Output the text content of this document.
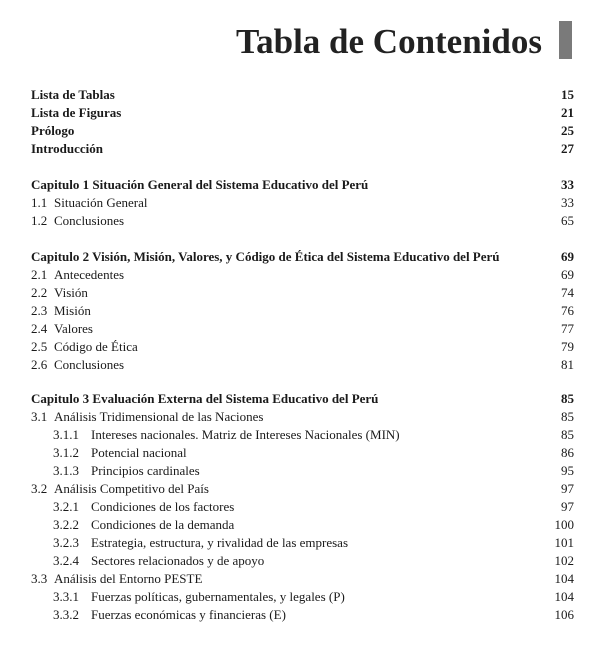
Tabla de Contenidos
Lista de Tablas	15
Lista de Figuras	21
Prólogo	25
Introducción	27
Capitulo 1 Situación General del Sistema Educativo del Perú	33
1.1 Situación General	33
1.2 Conclusiones	65
Capitulo 2 Visión, Misión, Valores, y Código de Ética del Sistema Educativo del Perú	69
2.1 Antecedentes	69
2.2 Visión	74
2.3 Misión	76
2.4 Valores	77
2.5 Código de Ética	79
2.6 Conclusiones	81
Capitulo 3 Evaluación Externa del Sistema Educativo del Perú	85
3.1 Análisis Tridimensional de las Naciones	85
3.1.1 Intereses nacionales. Matriz de Intereses Nacionales (MIN)	85
3.1.2 Potencial nacional	86
3.1.3 Principios cardinales	95
3.2 Análisis Competitivo del País	97
3.2.1 Condiciones de los factores	97
3.2.2 Condiciones de la demanda	100
3.2.3 Estrategia, estructura, y rivalidad de las empresas	101
3.2.4 Sectores relacionados y de apoyo	102
3.3 Análisis del Entorno PESTE	104
3.3.1 Fuerzas políticas, gubernamentales, y legales (P)	104
3.3.2 Fuerzas económicas y financieras (E)	106
